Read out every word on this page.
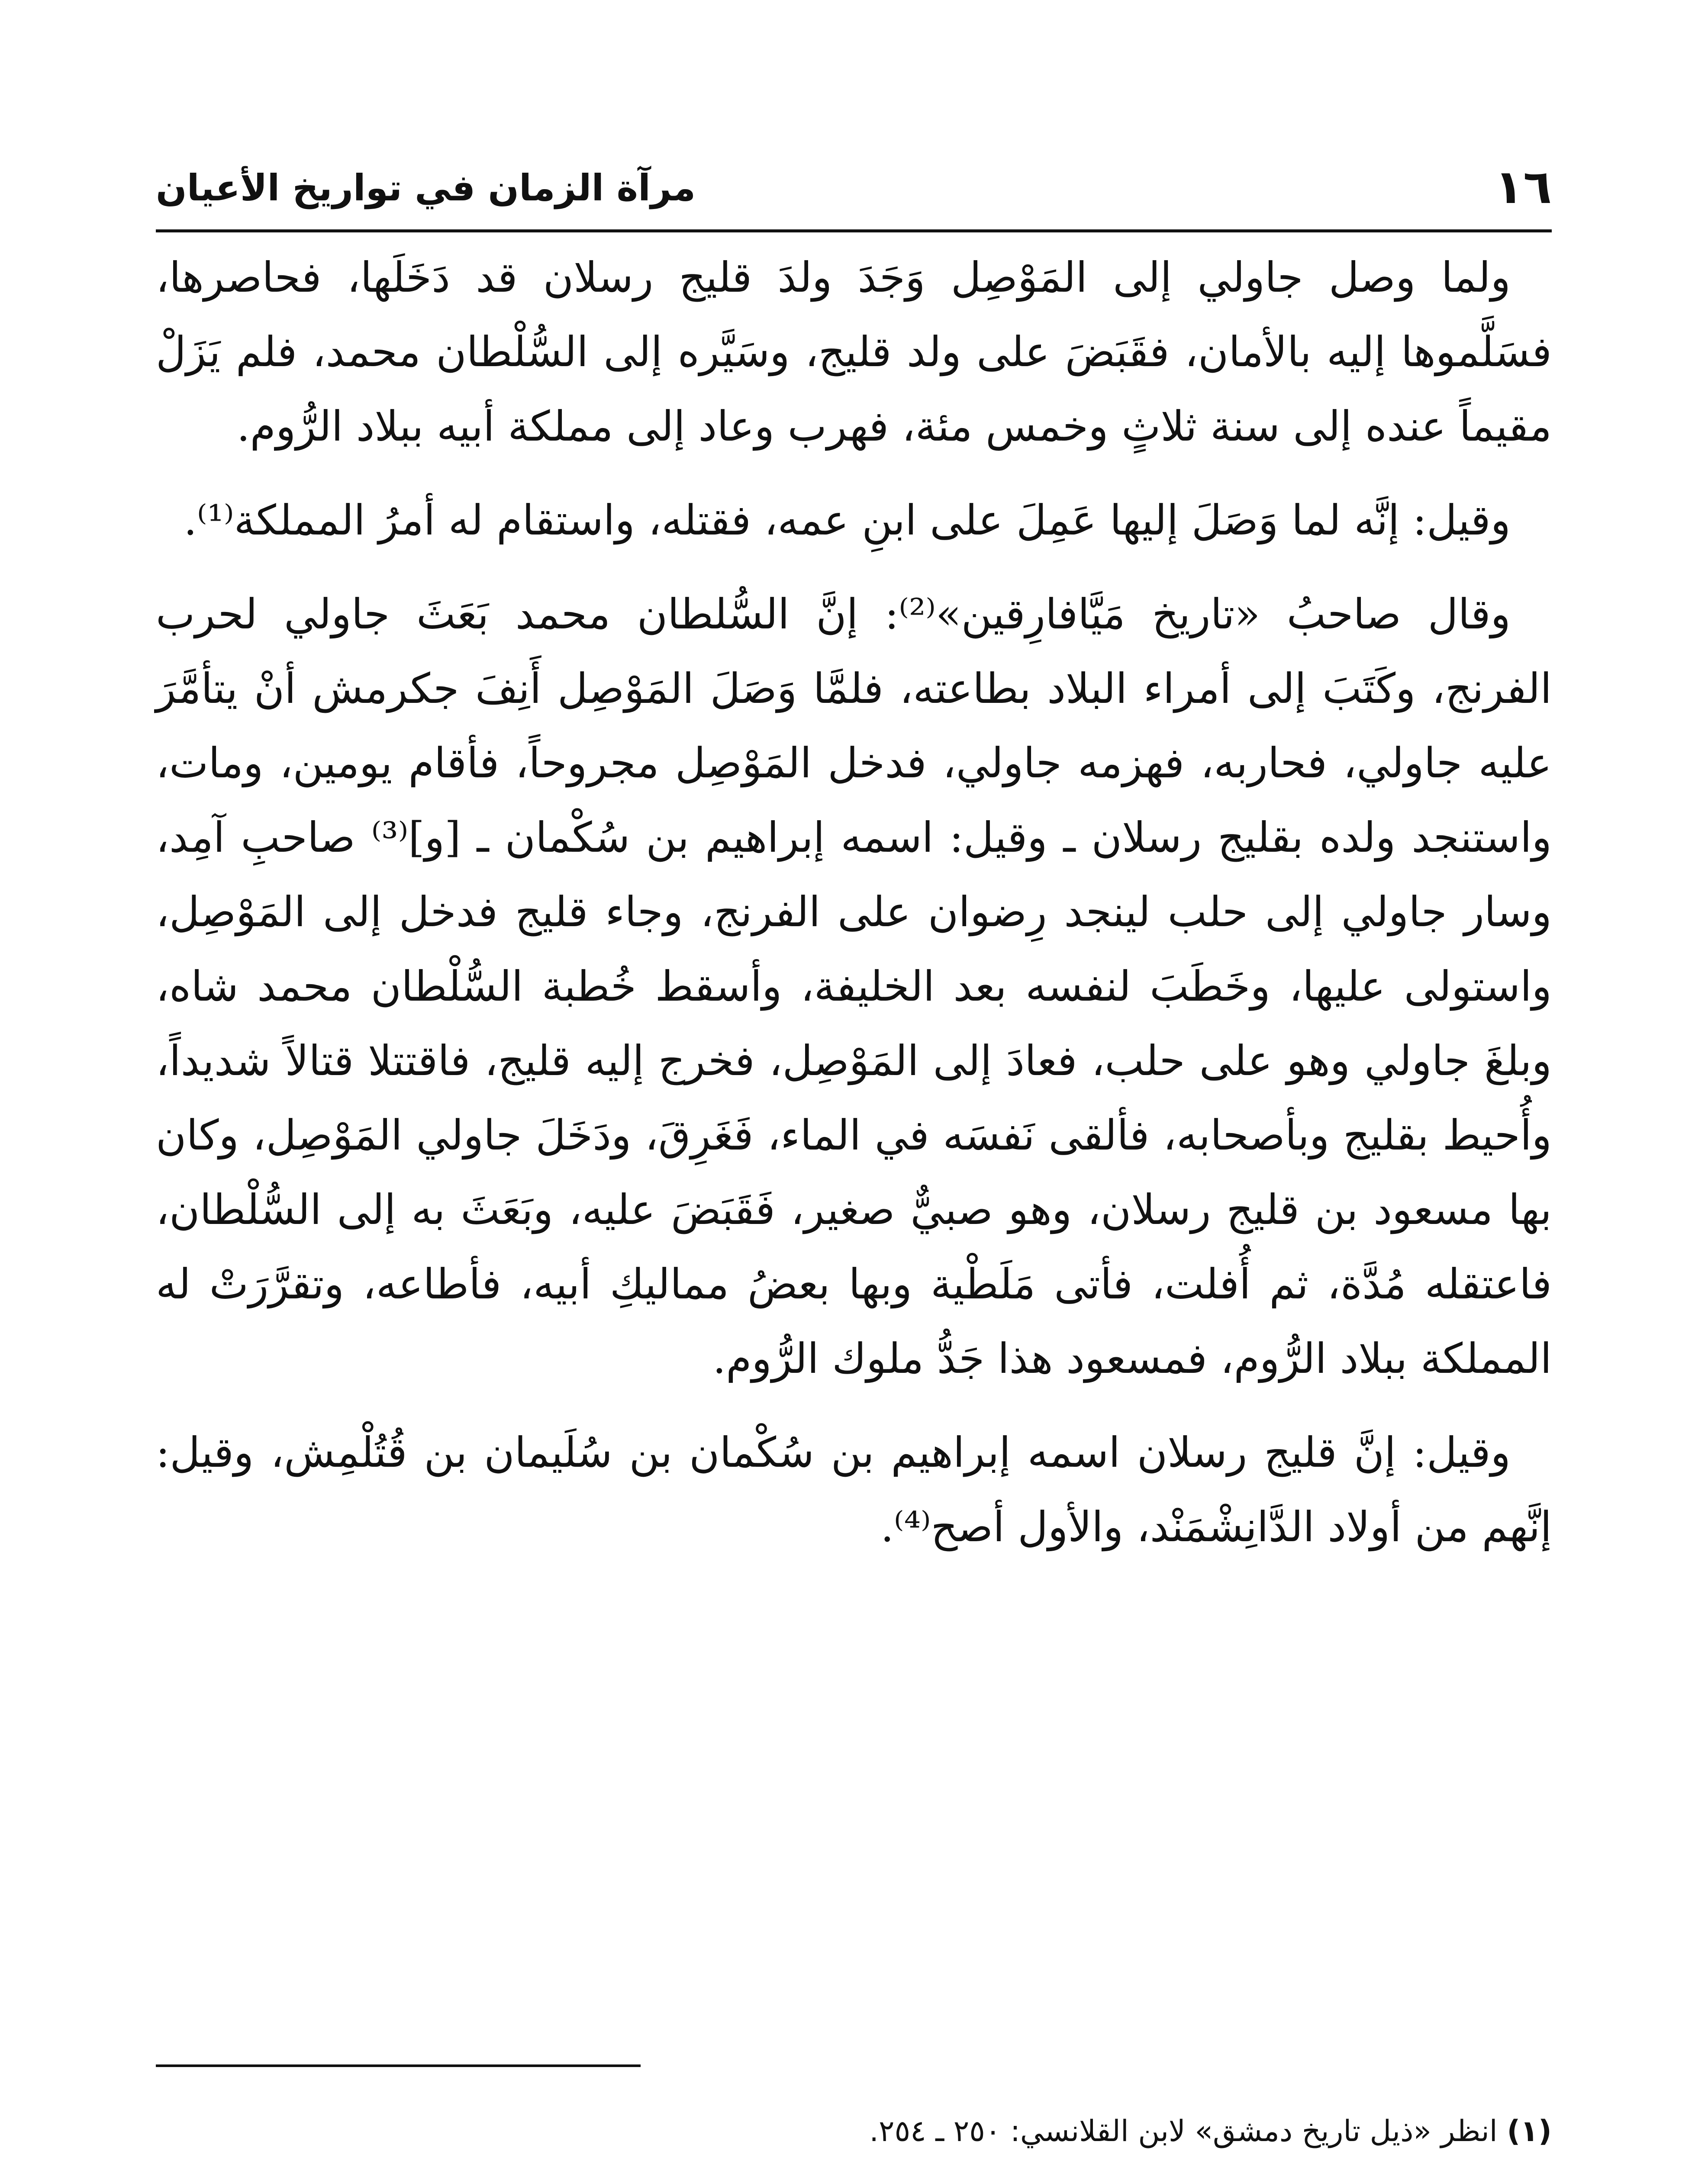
١٦
مرآة الزمان في تواريخ الأعيان

ولما وصل جاولي إلى المَوْصِل وَجَدَ ولدَ قليج رسلان قد دَخَلَها، فحاصرها، فسَلَّموها إليه بالأمان، فقَبَضَ على ولد قليج، وسَيَّره إلى السُّلْطان محمد، فلم يَزَلْ مقيماً عنده إلى سنة ثلاثٍ وخمس مئة، فهرب وعاد إلى مملكة أبيه ببلاد الرُّوم.

وقيل: إنَّه لما وَصَلَ إليها عَمِلَ على ابنِ عمه، فقتله، واستقام له أمرُ المملكة⁽¹⁾.

وقال صاحبُ «تاريخ مَيَّافارِقين»⁽²⁾: إنَّ السُّلطان محمد بَعَثَ جاولي لحرب الفرنج، وكَتَبَ إلى أمراء البلاد بطاعته، فلمَّا وَصَلَ المَوْصِل أَنِفَ جكرمش أنْ يتأمَّرَ عليه جاولي، فحاربه، فهزمه جاولي، فدخل المَوْصِل مجروحاً، فأقام يومين، ومات، واستنجد ولده بقليج رسلان ـ وقيل: اسمه إبراهيم بن سُكْمان ـ [و]⁽³⁾ صاحبِ آمِد، وسار جاولي إلى حلب لينجد رِضوان على الفرنج، وجاء قليج فدخل إلى المَوْصِل، واستولى عليها، وخَطَبَ لنفسه بعد الخليفة، وأسقط خُطبة السُّلْطان محمد شاه، وبلغَ جاولي وهو على حلب، فعادَ إلى المَوْصِل، فخرج إليه قليج، فاقتتلا قتالاً شديداً، وأُحيط بقليج وبأصحابه، فألقى نَفسَه في الماء، فَغَرِقَ، ودَخَلَ جاولي المَوْصِل، وكان بها مسعود بن قليج رسلان، وهو صبيٌّ صغير، فَقَبَضَ عليه، وبَعَثَ به إلى السُّلْطان، فاعتقله مُدَّة، ثم أُفلت، فأتى مَلَطْية وبها بعضُ مماليكِ أبيه، فأطاعه، وتقرَّرَتْ له المملكة ببلاد الرُّوم، فمسعود هذا جَدُّ ملوك الرُّوم.

وقيل: إنَّ قليج رسلان اسمه إبراهيم بن سُكْمان بن سُلَيمان بن قُتُلْمِش، وقيل: إنَّهم من أولاد الدَّانِشْمَنْد، والأول أصح⁽⁴⁾.

(١) انظر «ذيل تاريخ دمشق» لابن القلانسي: ٢٥٠ ـ ٢٥٤.
